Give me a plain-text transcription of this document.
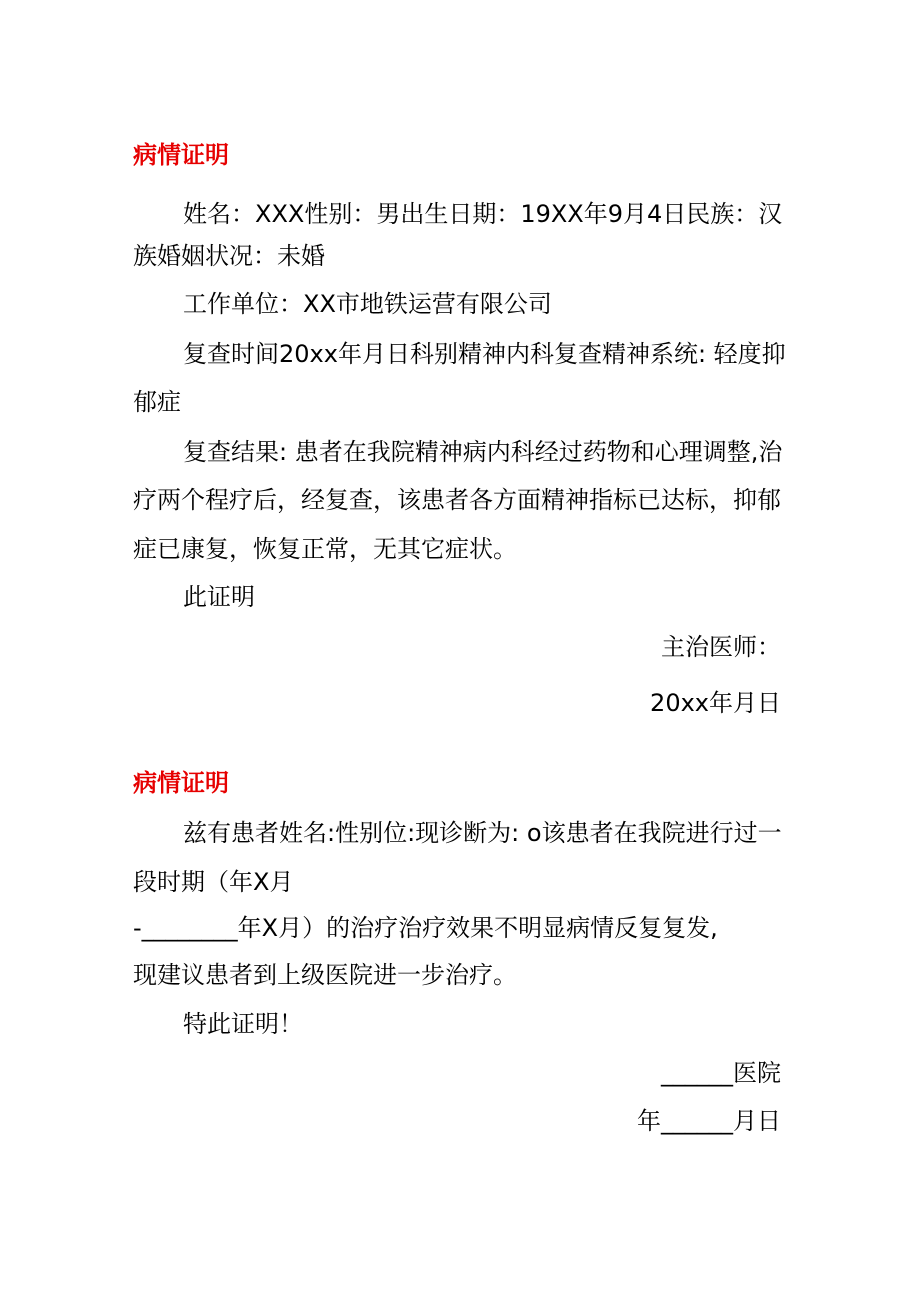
病情证明
姓名：XXX性别：男出生日期：19XX年9月4日民族：汉
族婚姻状况：未婚
工作单位：XX市地铁运营有限公司
复查时间20xx年月日科别精神内科复查精神系统: 轻度抑
郁症
复查结果: 患者在我院精神病内科经过药物和心理调整,治
疗两个程疗后，经复查，该患者各方面精神指标已达标，抑郁
症已康复，恢复正常，无其它症状。
此证明
主治医师：
20xx年月日
病情证明
兹有患者姓名:性别位:现诊断为: o该患者在我院进行过一
段时期（年X月
-________年X月）的治疗治疗效果不明显病情反复复发,
现建议患者到上级医院进一步治疗。
特此证明！
______医院
年______月日
